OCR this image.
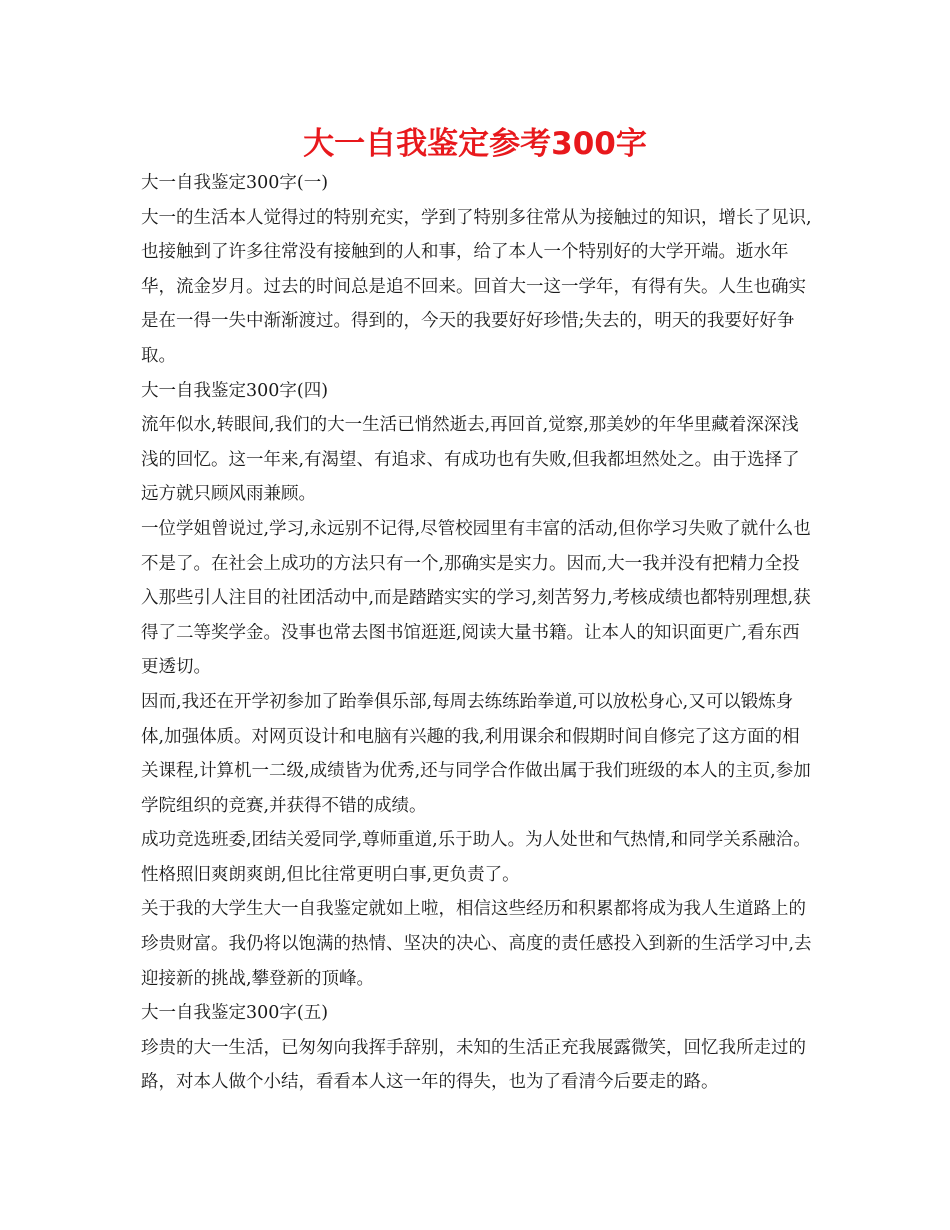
大一自我鉴定参考300字

大一自我鉴定300字(一)

大一的生活本人觉得过的特别充实，学到了特别多往常从为接触过的知识，增长了见识,也接触到了许多往常没有接触到的人和事，给了本人一个特别好的大学开端。逝水年华，流金岁月。过去的时间总是追不回来。回首大一这一学年，有得有失。人生也确实是在一得一失中渐渐渡过。得到的，今天的我要好好珍惜;失去的，明天的我要好好争取。

大一自我鉴定300字(四)

流年似水,转眼间,我们的大一生活已悄然逝去,再回首,觉察,那美妙的年华里藏着深深浅浅的回忆。这一年来,有渴望、有追求、有成功也有失败,但我都坦然处之。由于选择了远方就只顾风雨兼顾。

一位学姐曾说过,学习,永远别不记得,尽管校园里有丰富的活动,但你学习失败了就什么也不是了。在社会上成功的方法只有一个,那确实是实力。因而,大一我并没有把精力全投入那些引人注目的社团活动中,而是踏踏实实的学习,刻苦努力,考核成绩也都特别理想,获得了二等奖学金。没事也常去图书馆逛逛,阅读大量书籍。让本人的知识面更广,看东西更透切。

因而,我还在开学初参加了跆拳俱乐部,每周去练练跆拳道,可以放松身心,又可以锻炼身体,加强体质。对网页设计和电脑有兴趣的我,利用课余和假期时间自修完了这方面的相关课程,计算机一二级,成绩皆为优秀,还与同学合作做出属于我们班级的本人的主页,参加学院组织的竞赛,并获得不错的成绩。

成功竞选班委,团结关爱同学,尊师重道,乐于助人。为人处世和气热情,和同学关系融洽。性格照旧爽朗爽朗,但比往常更明白事,更负责了。

关于我的大学生大一自我鉴定就如上啦，相信这些经历和积累都将成为我人生道路上的珍贵财富。我仍将以饱满的热情、坚决的决心、高度的责任感投入到新的生活学习中,去迎接新的挑战,攀登新的顶峰。

大一自我鉴定300字(五)

珍贵的大一生活，已匆匆向我挥手辞别，未知的生活正充我展露微笑，回忆我所走过的路，对本人做个小结，看看本人这一年的得失，也为了看清今后要走的路。
